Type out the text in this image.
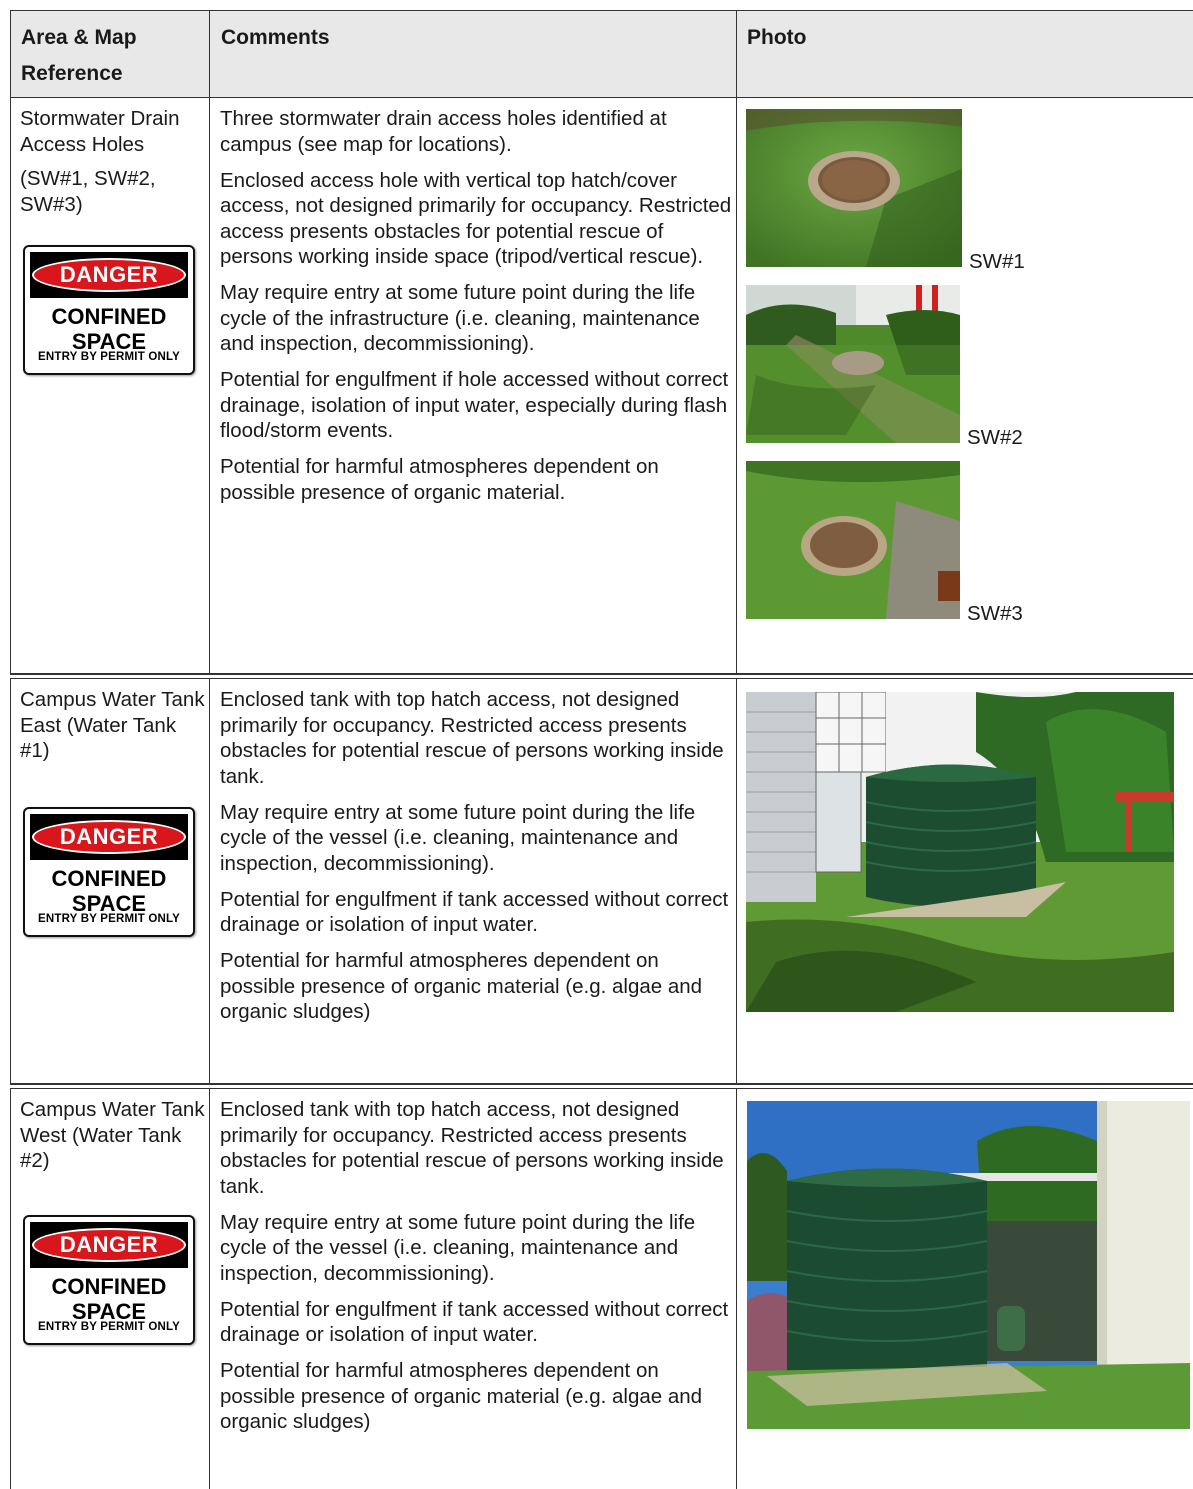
Area & Map Reference
Comments	Photo
Stormwater Drain Access Holes
(SW#1, SW#2, SW#3)
DANGER
CONFINED
SPACE
ENTRY BY PERMIT ONLY

Three stormwater drain access holes identified at campus (see map for locations).

Enclosed access hole with vertical top hatch/cover access, not designed primarily for occupancy. Restricted access presents obstacles for potential rescue of persons working inside space (tripod/vertical rescue).

May require entry at some future point during the life cycle of the infrastructure (i.e. cleaning, maintenance and inspection, decommissioning).

Potential for engulfment if hole accessed without correct drainage, isolation of input water, especially during flash flood/storm events.

Potential for harmful atmospheres dependent on possible presence of organic material.

SW#1
SW#2
SW#3
Campus Water Tank East (Water Tank #1)
DANGER
CONFINED
SPACE
ENTRY BY PERMIT ONLY

Enclosed tank with top hatch access, not designed primarily for occupancy. Restricted access presents obstacles for potential rescue of persons working inside tank.

May require entry at some future point during the life cycle of the vessel (i.e. cleaning, maintenance and inspection, decommissioning).

Potential for engulfment if tank accessed without correct drainage or isolation of input water.

Potential for harmful atmospheres dependent on possible presence of organic material (e.g. algae and organic sludges)

Campus Water Tank West (Water Tank #2)
DANGER
CONFINED
SPACE
ENTRY BY PERMIT ONLY

Enclosed tank with top hatch access, not designed primarily for occupancy. Restricted access presents obstacles for potential rescue of persons working inside tank.

May require entry at some future point during the life cycle of the vessel (i.e. cleaning, maintenance and inspection, decommissioning).

Potential for engulfment if tank accessed without correct drainage or isolation of input water.

Potential for harmful atmospheres dependent on possible presence of organic material (e.g. algae and organic sludges)
